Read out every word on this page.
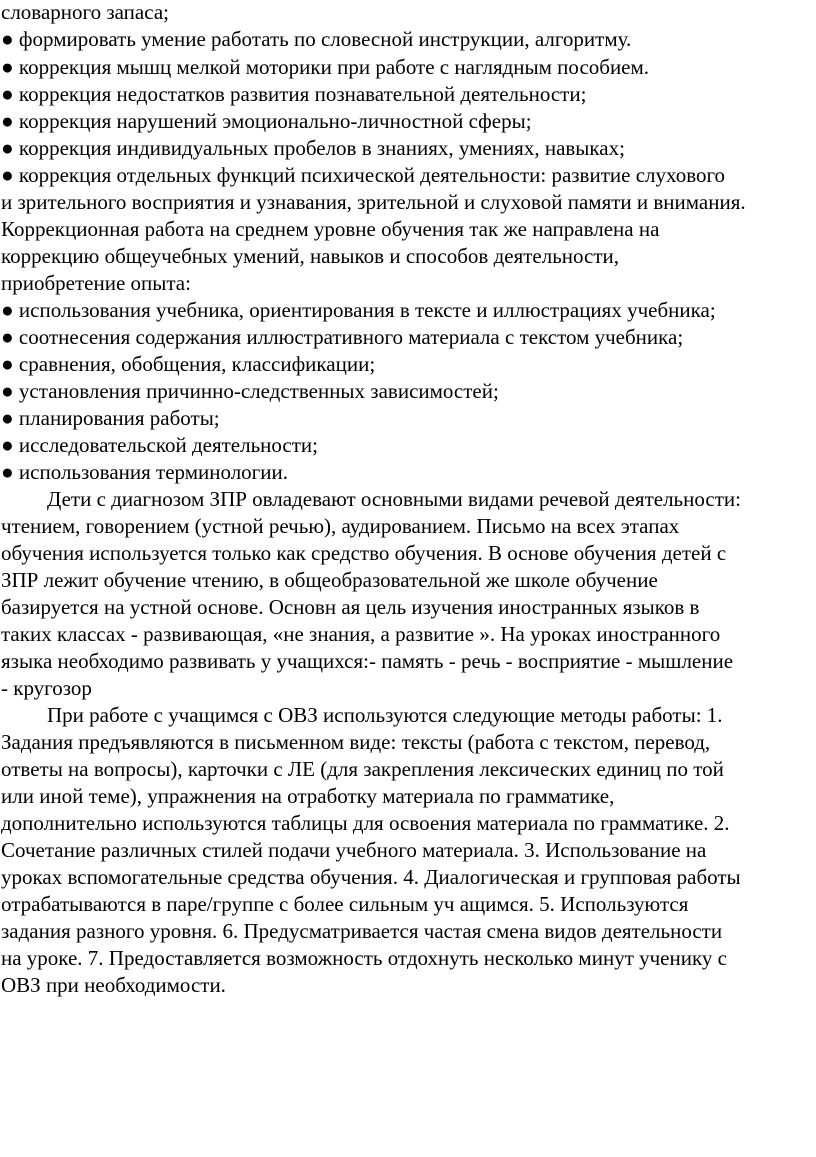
словарного запаса;
● формировать умение работать по словесной инструкции, алгоритму.
● коррекция мышц мелкой моторики при работе с наглядным пособием.
● коррекция недостатков развития познавательной деятельности;
● коррекция нарушений эмоционально-личностной сферы;
● коррекция индивидуальных пробелов в знаниях, умениях, навыках;
● коррекция отдельных функций психической деятельности: развитие слухового
и зрительного восприятия и узнавания, зрительной и слуховой памяти и внимания.
Коррекционная работа на среднем уровне обучения так же направлена на
коррекцию общеучебных умений, навыков и способов деятельности,
приобретение опыта:
● использования учебника, ориентирования в тексте и иллюстрациях учебника;
● соотнесения содержания иллюстративного материала с текстом учебника;
● сравнения, обобщения, классификации;
● установления причинно-следственных зависимостей;
● планирования работы;
● исследовательской деятельности;
● использования терминологии.
Дети с диагнозом ЗПР овладевают основными видами речевой деятельности:
чтением, говорением (устной речью), аудированием. Письмо на всех этапах
обучения используется только как средство обучения. В основе обучения детей с
ЗПР лежит обучение чтению, в общеобразовательной же школе обучение
базируется на устной основе. Основн ая цель изучения иностранных языков в
таких классах - развивающая, «не знания, а развитие ». На уроках иностранного
языка необходимо развивать у учащихся:- память - речь - восприятие - мышление
- кругозор
При работе с учащимся с ОВЗ используются следующие методы работы: 1.
Задания предъявляются в письменном виде: тексты (работа с текстом, перевод,
ответы на вопросы), карточки с ЛЕ (для закрепления лексических единиц по той
или иной теме), упражнения на отработку материала по грамматике,
дополнительно используются таблицы для освоения материала по грамматике. 2.
Сочетание различных стилей подачи учебного материала. 3. Использование на
уроках вспомогательные средства обучения. 4. Диалогическая и групповая работы
отрабатываются в паре/группе с более сильным уч ащимся. 5. Используются
задания разного уровня. 6. Предусматривается частая смена видов деятельности
на уроке. 7. Предоставляется возможность отдохнуть несколько минут ученику с
ОВЗ при необходимости.
